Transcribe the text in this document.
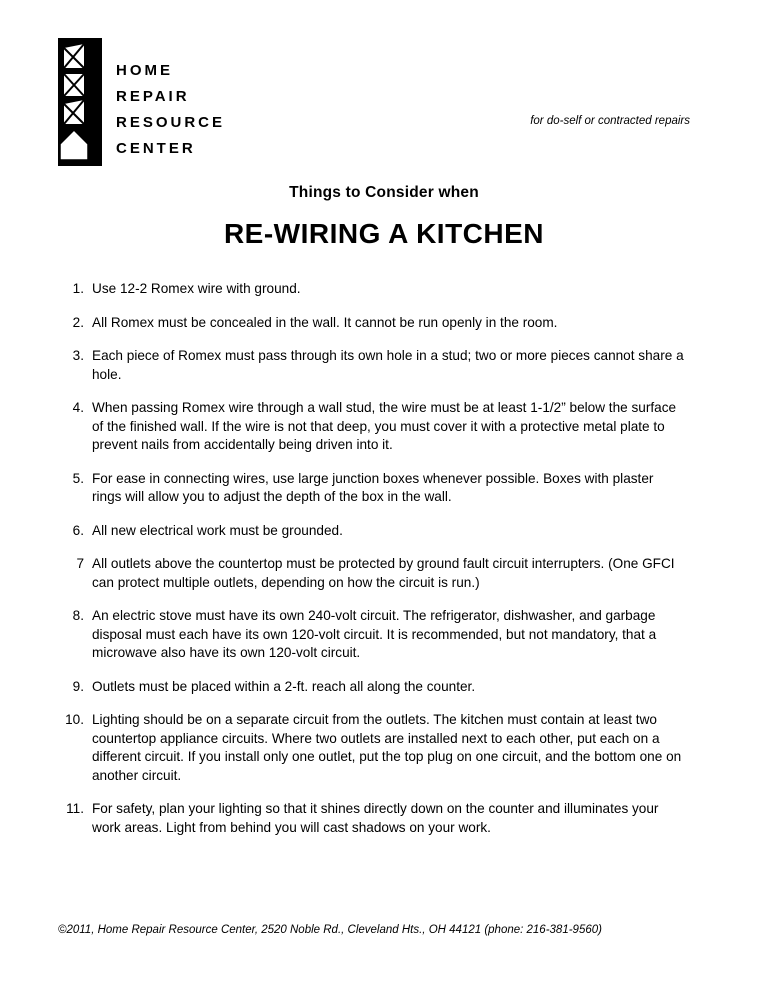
HOME
REPAIR
RESOURCE
CENTER
for do-self or contracted repairs
Things to Consider when
RE-WIRING A KITCHEN
1. Use 12-2 Romex wire with ground.
2. All Romex must be concealed in the wall. It cannot be run openly in the room.
3. Each piece of Romex must pass through its own hole in a stud; two or more pieces cannot share a hole.
4. When passing Romex wire through a wall stud, the wire must be at least 1-1/2” below the surface of the finished wall. If the wire is not that deep, you must cover it with a protective metal plate to prevent nails from accidentally being driven into it.
5. For ease in connecting wires, use large junction boxes whenever possible. Boxes with plaster rings will allow you to adjust the depth of the box in the wall.
6. All new electrical work must be grounded.
7 All outlets above the countertop must be protected by ground fault circuit interrupters. (One GFCI can protect multiple outlets, depending on how the circuit is run.)
8. An electric stove must have its own 240-volt circuit. The refrigerator, dishwasher, and garbage disposal must each have its own 120-volt circuit. It is recommended, but not mandatory, that a microwave also have its own 120-volt circuit.
9. Outlets must be placed within a 2-ft. reach all along the counter.
10. Lighting should be on a separate circuit from the outlets. The kitchen must contain at least two countertop appliance circuits. Where two outlets are installed next to each other, put each on a different circuit. If you install only one outlet, put the top plug on one circuit, and the bottom one on another circuit.
11. For safety, plan your lighting so that it shines directly down on the counter and illuminates your work areas. Light from behind you will cast shadows on your work.
©2011, Home Repair Resource Center, 2520 Noble Rd., Cleveland Hts., OH 44121 (phone: 216-381-9560)
